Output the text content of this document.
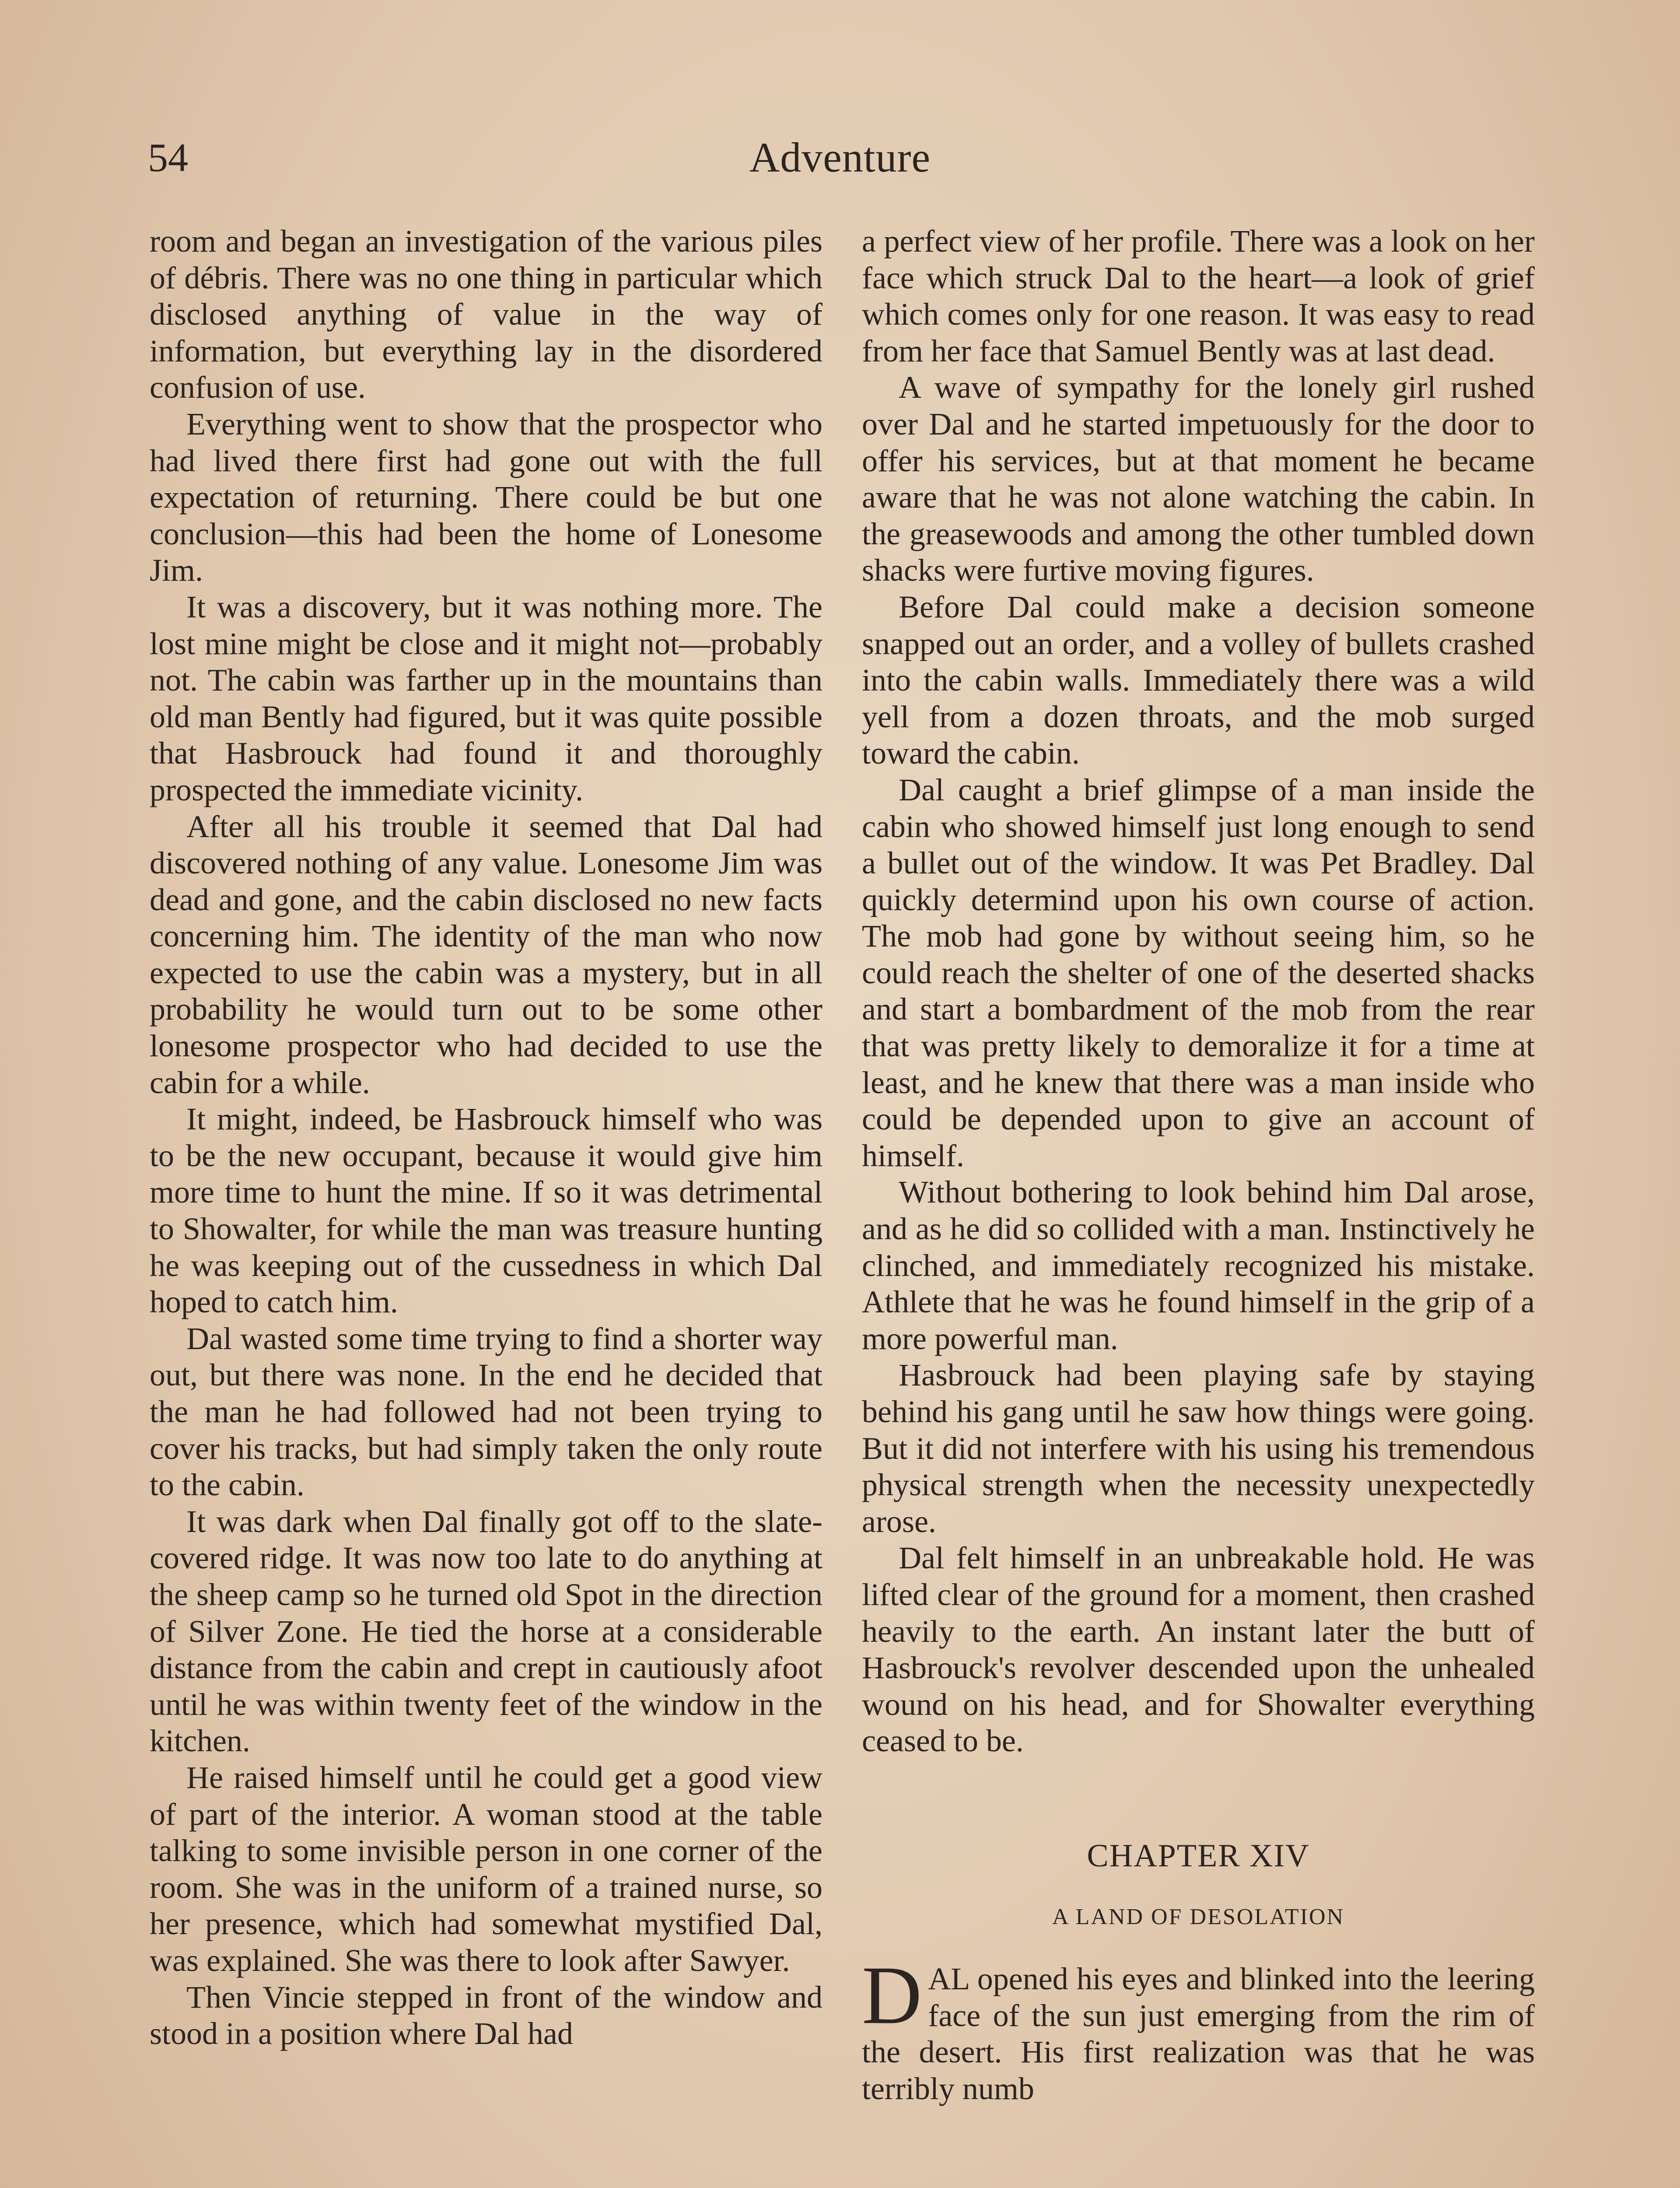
54	Adventure

room and began an investigation of the various piles of débris. There was no one thing in particular which disclosed anything of value in the way of information, but everything lay in the disordered confusion of use.

Everything went to show that the prospector who had lived there first had gone out with the full expectation of returning. There could be but one conclusion—this had been the home of Lonesome Jim.

It was a discovery, but it was nothing more. The lost mine might be close and it might not—probably not. The cabin was farther up in the mountains than old man Bently had figured, but it was quite possible that Hasbrouck had found it and thoroughly prospected the immediate vicinity.

After all his trouble it seemed that Dal had discovered nothing of any value. Lonesome Jim was dead and gone, and the cabin disclosed no new facts concerning him. The identity of the man who now expected to use the cabin was a mystery, but in all probability he would turn out to be some other lonesome prospector who had decided to use the cabin for a while.

It might, indeed, be Hasbrouck himself who was to be the new occupant, because it would give him more time to hunt the mine. If so it was detrimental to Showalter, for while the man was treasure hunting he was keeping out of the cussedness in which Dal hoped to catch him.

Dal wasted some time trying to find a shorter way out, but there was none. In the end he decided that the man he had followed had not been trying to cover his tracks, but had simply taken the only route to the cabin.

It was dark when Dal finally got off to the slate-covered ridge. It was now too late to do anything at the sheep camp so he turned old Spot in the direction of Silver Zone. He tied the horse at a considerable distance from the cabin and crept in cautiously afoot until he was within twenty feet of the window in the kitchen.

He raised himself until he could get a good view of part of the interior. A woman stood at the table talking to some invisible person in one corner of the room. She was in the uniform of a trained nurse, so her presence, which had somewhat mystified Dal, was explained. She was there to look after Sawyer.

Then Vincie stepped in front of the window and stood in a position where Dal had

a perfect view of her profile. There was a look on her face which struck Dal to the heart—a look of grief which comes only for one reason. It was easy to read from her face that Samuel Bently was at last dead.

A wave of sympathy for the lonely girl rushed over Dal and he started impetuously for the door to offer his services, but at that moment he became aware that he was not alone watching the cabin. In the greasewoods and among the other tumbled down shacks were furtive moving figures.

Before Dal could make a decision someone snapped out an order, and a volley of bullets crashed into the cabin walls. Immediately there was a wild yell from a dozen throats, and the mob surged toward the cabin.

Dal caught a brief glimpse of a man inside the cabin who showed himself just long enough to send a bullet out of the window. It was Pet Bradley. Dal quickly determind upon his own course of action. The mob had gone by without seeing him, so he could reach the shelter of one of the deserted shacks and start a bombardment of the mob from the rear that was pretty likely to demoralize it for a time at least, and he knew that there was a man inside who could be depended upon to give an account of himself.

Without bothering to look behind him Dal arose, and as he did so collided with a man. Instinctively he clinched, and immediately recognized his mistake. Athlete that he was he found himself in the grip of a more powerful man.

Hasbrouck had been playing safe by staying behind his gang until he saw how things were going. But it did not interfere with his using his tremendous physical strength when the necessity unexpectedly arose.

Dal felt himself in an unbreakable hold. He was lifted clear of the ground for a moment, then crashed heavily to the earth. An instant later the butt of Hasbrouck's revolver descended upon the unhealed wound on his head, and for Showalter everything ceased to be.

CHAPTER XIV
A LAND OF DESOLATION

D AL opened his eyes and blinked into the leering face of the sun just emerging from the rim of the desert. His first realization was that he was terribly numb
